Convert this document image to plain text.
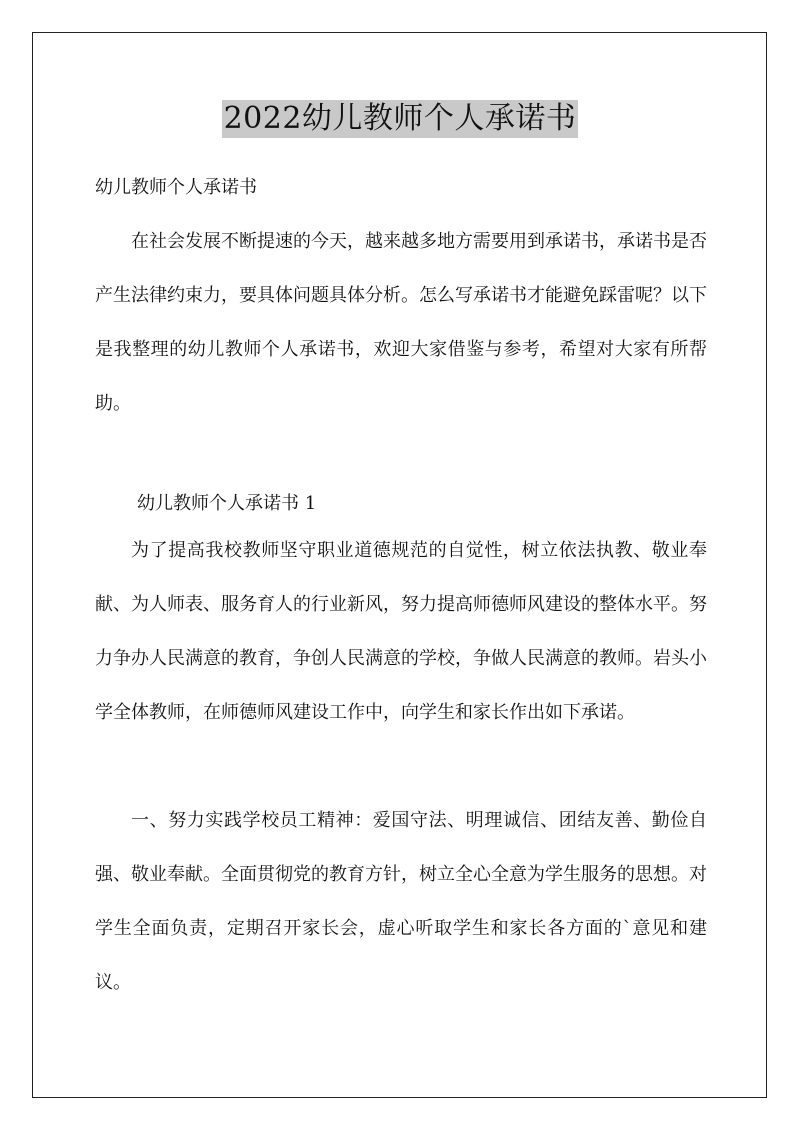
2022幼儿教师个人承诺书
幼儿教师个人承诺书

在社会发展不断提速的今天，越来越多地方需要用到承诺书，承诺书是否产生法律约束力，要具体问题具体分析。怎么写承诺书才能避免踩雷呢？以下是我整理的幼儿教师个人承诺书，欢迎大家借鉴与参考，希望对大家有所帮助。

幼儿教师个人承诺书 1

为了提高我校教师坚守职业道德规范的自觉性，树立依法执教、敬业奉献、为人师表、服务育人的行业新风，努力提高师德师风建设的整体水平。努力争办人民满意的教育，争创人民满意的学校，争做人民满意的教师。岩头小学全体教师，在师德师风建设工作中，向学生和家长作出如下承诺。

一、努力实践学校员工精神：爱国守法、明理诚信、团结友善、勤俭自强、敬业奉献。全面贯彻党的教育方针，树立全心全意为学生服务的思想。对学生全面负责，定期召开家长会，虚心听取学生和家长各方面的`意见和建议。
